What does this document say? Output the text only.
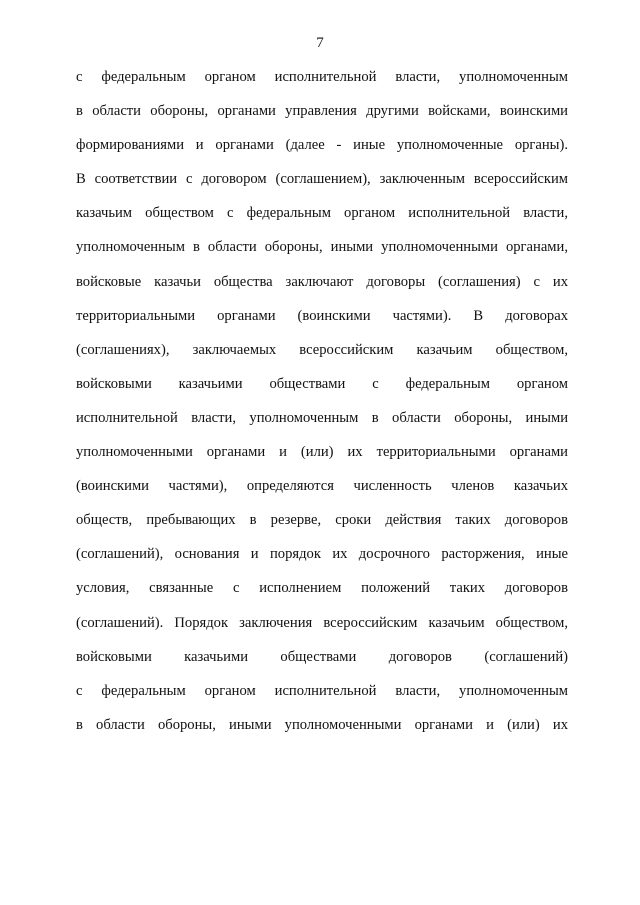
7
с федеральным органом исполнительной власти, уполномоченным
в области обороны, органами управления другими войсками, воинскими
формированиями и органами (далее - иные уполномоченные органы).
В соответствии с договором (соглашением), заключенным всероссийским
казачьим обществом с федеральным органом исполнительной власти,
уполномоченным в области обороны, иными уполномоченными органами,
войсковые казачьи общества заключают договоры (соглашения) с их
территориальными органами (воинскими частями). В договорах
(соглашениях), заключаемых всероссийским казачьим обществом,
войсковыми казачьими обществами с федеральным органом
исполнительной власти, уполномоченным в области обороны, иными
уполномоченными органами и (или) их территориальными органами
(воинскими частями), определяются численность членов казачьих
обществ, пребывающих в резерве, сроки действия таких договоров
(соглашений), основания и порядок их досрочного расторжения, иные
условия, связанные с исполнением положений таких договоров
(соглашений). Порядок заключения всероссийским казачьим обществом,
войсковыми казачьими обществами договоров (соглашений)
с федеральным органом исполнительной власти, уполномоченным
в области обороны, иными уполномоченными органами и (или) их
